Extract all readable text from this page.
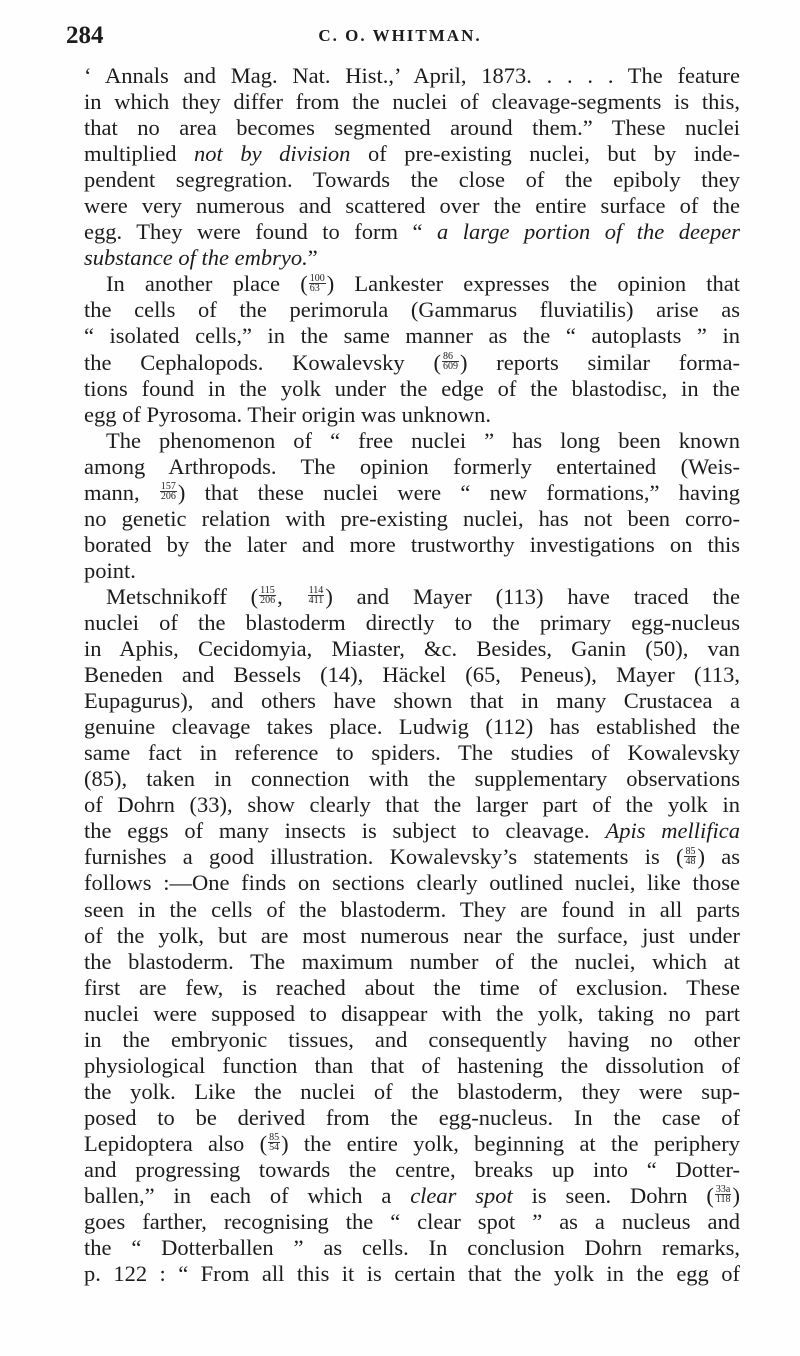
284	C. O. WHITMAN.
‘ Annals and Mag. Nat. Hist.,’ April, 1873. . . . . The feature
in which they differ from the nuclei of cleavage-segments is this,
that no area becomes segmented around them.” These nuclei
multiplied not by division of pre-existing nuclei, but by inde-
pendent segregration. Towards the close of the epiboly they
were very numerous and scattered over the entire surface of the
egg. They were found to form “ a large portion of the deeper
substance of the embryo.”
In another place ( $\frac{100}{63}$ ) Lankester expresses the opinion that
the cells of the perimorula (Gammarus fluviatilis) arise as
“ isolated cells,” in the same manner as the “ autoplasts ” in
the Cephalopods. Kowalevsky ( $\frac{86}{609}$ ) reports similar forma-
tions found in the yolk under the edge of the blastodisc, in the
egg of Pyrosoma. Their origin was unknown.
The phenomenon of “ free nuclei ” has long been known
among Arthropods. The opinion formerly entertained (Weis-
mann, $\frac{157}{206}$ ) that these nuclei were “ new formations,” having
no genetic relation with pre-existing nuclei, has not been corro-
borated by the later and more trustworthy investigations on this
point.
Metschnikoff ( $\frac{115}{206}$ , $\frac{114}{411}$ ) and Mayer (113) have traced the
nuclei of the blastoderm directly to the primary egg-nucleus
in Aphis, Cecidomyia, Miaster, &c. Besides, Ganin (50), van
Beneden and Bessels (14), Häckel (65, Peneus), Mayer (113,
Eupagurus), and others have shown that in many Crustacea a
genuine cleavage takes place. Ludwig (112) has established the
same fact in reference to spiders. The studies of Kowalevsky
(85), taken in connection with the supplementary observations
of Dohrn (33), show clearly that the larger part of the yolk in
the eggs of many insects is subject to cleavage. Apis mellifica
furnishes a good illustration. Kowalevsky’s statements is ( $\frac{85}{48}$ ) as
follows :—One finds on sections clearly outlined nuclei, like those
seen in the cells of the blastoderm. They are found in all parts
of the yolk, but are most numerous near the surface, just under
the blastoderm. The maximum number of the nuclei, which at
first are few, is reached about the time of exclusion. These
nuclei were supposed to disappear with the yolk, taking no part
in the embryonic tissues, and consequently having no other
physiological function than that of hastening the dissolution of
the yolk. Like the nuclei of the blastoderm, they were sup-
posed to be derived from the egg-nucleus. In the case of
Lepidoptera also ( $\frac{85}{54}$ ) the entire yolk, beginning at the periphery
and progressing towards the centre, breaks up into “ Dotter-
ballen,” in each of which a clear spot is seen. Dohrn ( $\frac{33a}{118}$ )
goes farther, recognising the “ clear spot ” as a nucleus and
the “ Dotterballen ” as cells. In conclusion Dohrn remarks,
p. 122 : “ From all this it is certain that the yolk in the egg of
